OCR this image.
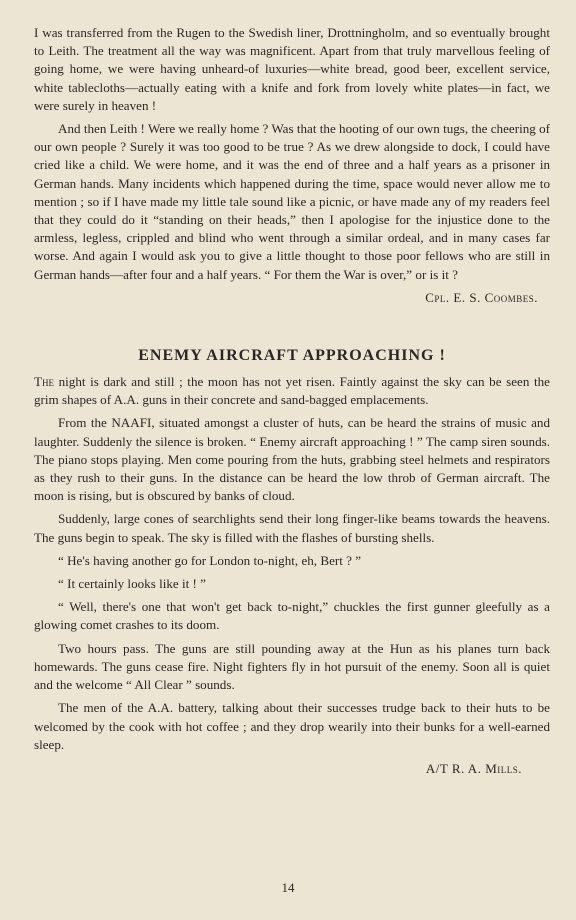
I was transferred from the Rugen to the Swedish liner, Drottningholm, and so eventually brought to Leith. The treatment all the way was magnificent. Apart from that truly marvellous feeling of going home, we were having unheard-of luxuries—white bread, good beer, excellent service, white tablecloths—actually eating with a knife and fork from lovely white plates—in fact, we were surely in heaven !

And then Leith ! Were we really home ? Was that the hooting of our own tugs, the cheering of our own people ? Surely it was too good to be true ? As we drew alongside to dock, I could have cried like a child. We were home, and it was the end of three and a half years as a prisoner in German hands. Many incidents which happened during the time, space would never allow me to mention ; so if I have made my little tale sound like a picnic, or have made any of my readers feel that they could do it “standing on their heads,” then I apologise for the injustice done to the armless, legless, crippled and blind who went through a similar ordeal, and in many cases far worse. And again I would ask you to give a little thought to those poor fellows who are still in German hands—after four and a half years. “ For them the War is over,” or is it ?

Cpl. E. S. Coombes.

ENEMY AIRCRAFT APPROACHING !

The night is dark and still ; the moon has not yet risen. Faintly against the sky can be seen the grim shapes of A.A. guns in their concrete and sand-bagged emplacements.

From the NAAFI, situated amongst a cluster of huts, can be heard the strains of music and laughter. Suddenly the silence is broken. “ Enemy aircraft approaching ! ” The camp siren sounds. The piano stops playing. Men come pouring from the huts, grabbing steel helmets and respirators as they rush to their guns. In the distance can be heard the low throb of German aircraft. The moon is rising, but is obscured by banks of cloud.

Suddenly, large cones of searchlights send their long finger-like beams towards the heavens. The guns begin to speak. The sky is filled with the flashes of bursting shells.

“ He's having another go for London to-night, eh, Bert ? ”

“ It certainly looks like it ! ”

“ Well, there's one that won't get back to-night,” chuckles the first gunner gleefully as a glowing comet crashes to its doom.

Two hours pass. The guns are still pounding away at the Hun as his planes turn back homewards. The guns cease fire. Night fighters fly in hot pursuit of the enemy. Soon all is quiet and the welcome “ All Clear ” sounds.

The men of the A.A. battery, talking about their successes trudge back to their huts to be welcomed by the cook with hot coffee ; and they drop wearily into their bunks for a well-earned sleep.

A/T R. A. Mills.

14
